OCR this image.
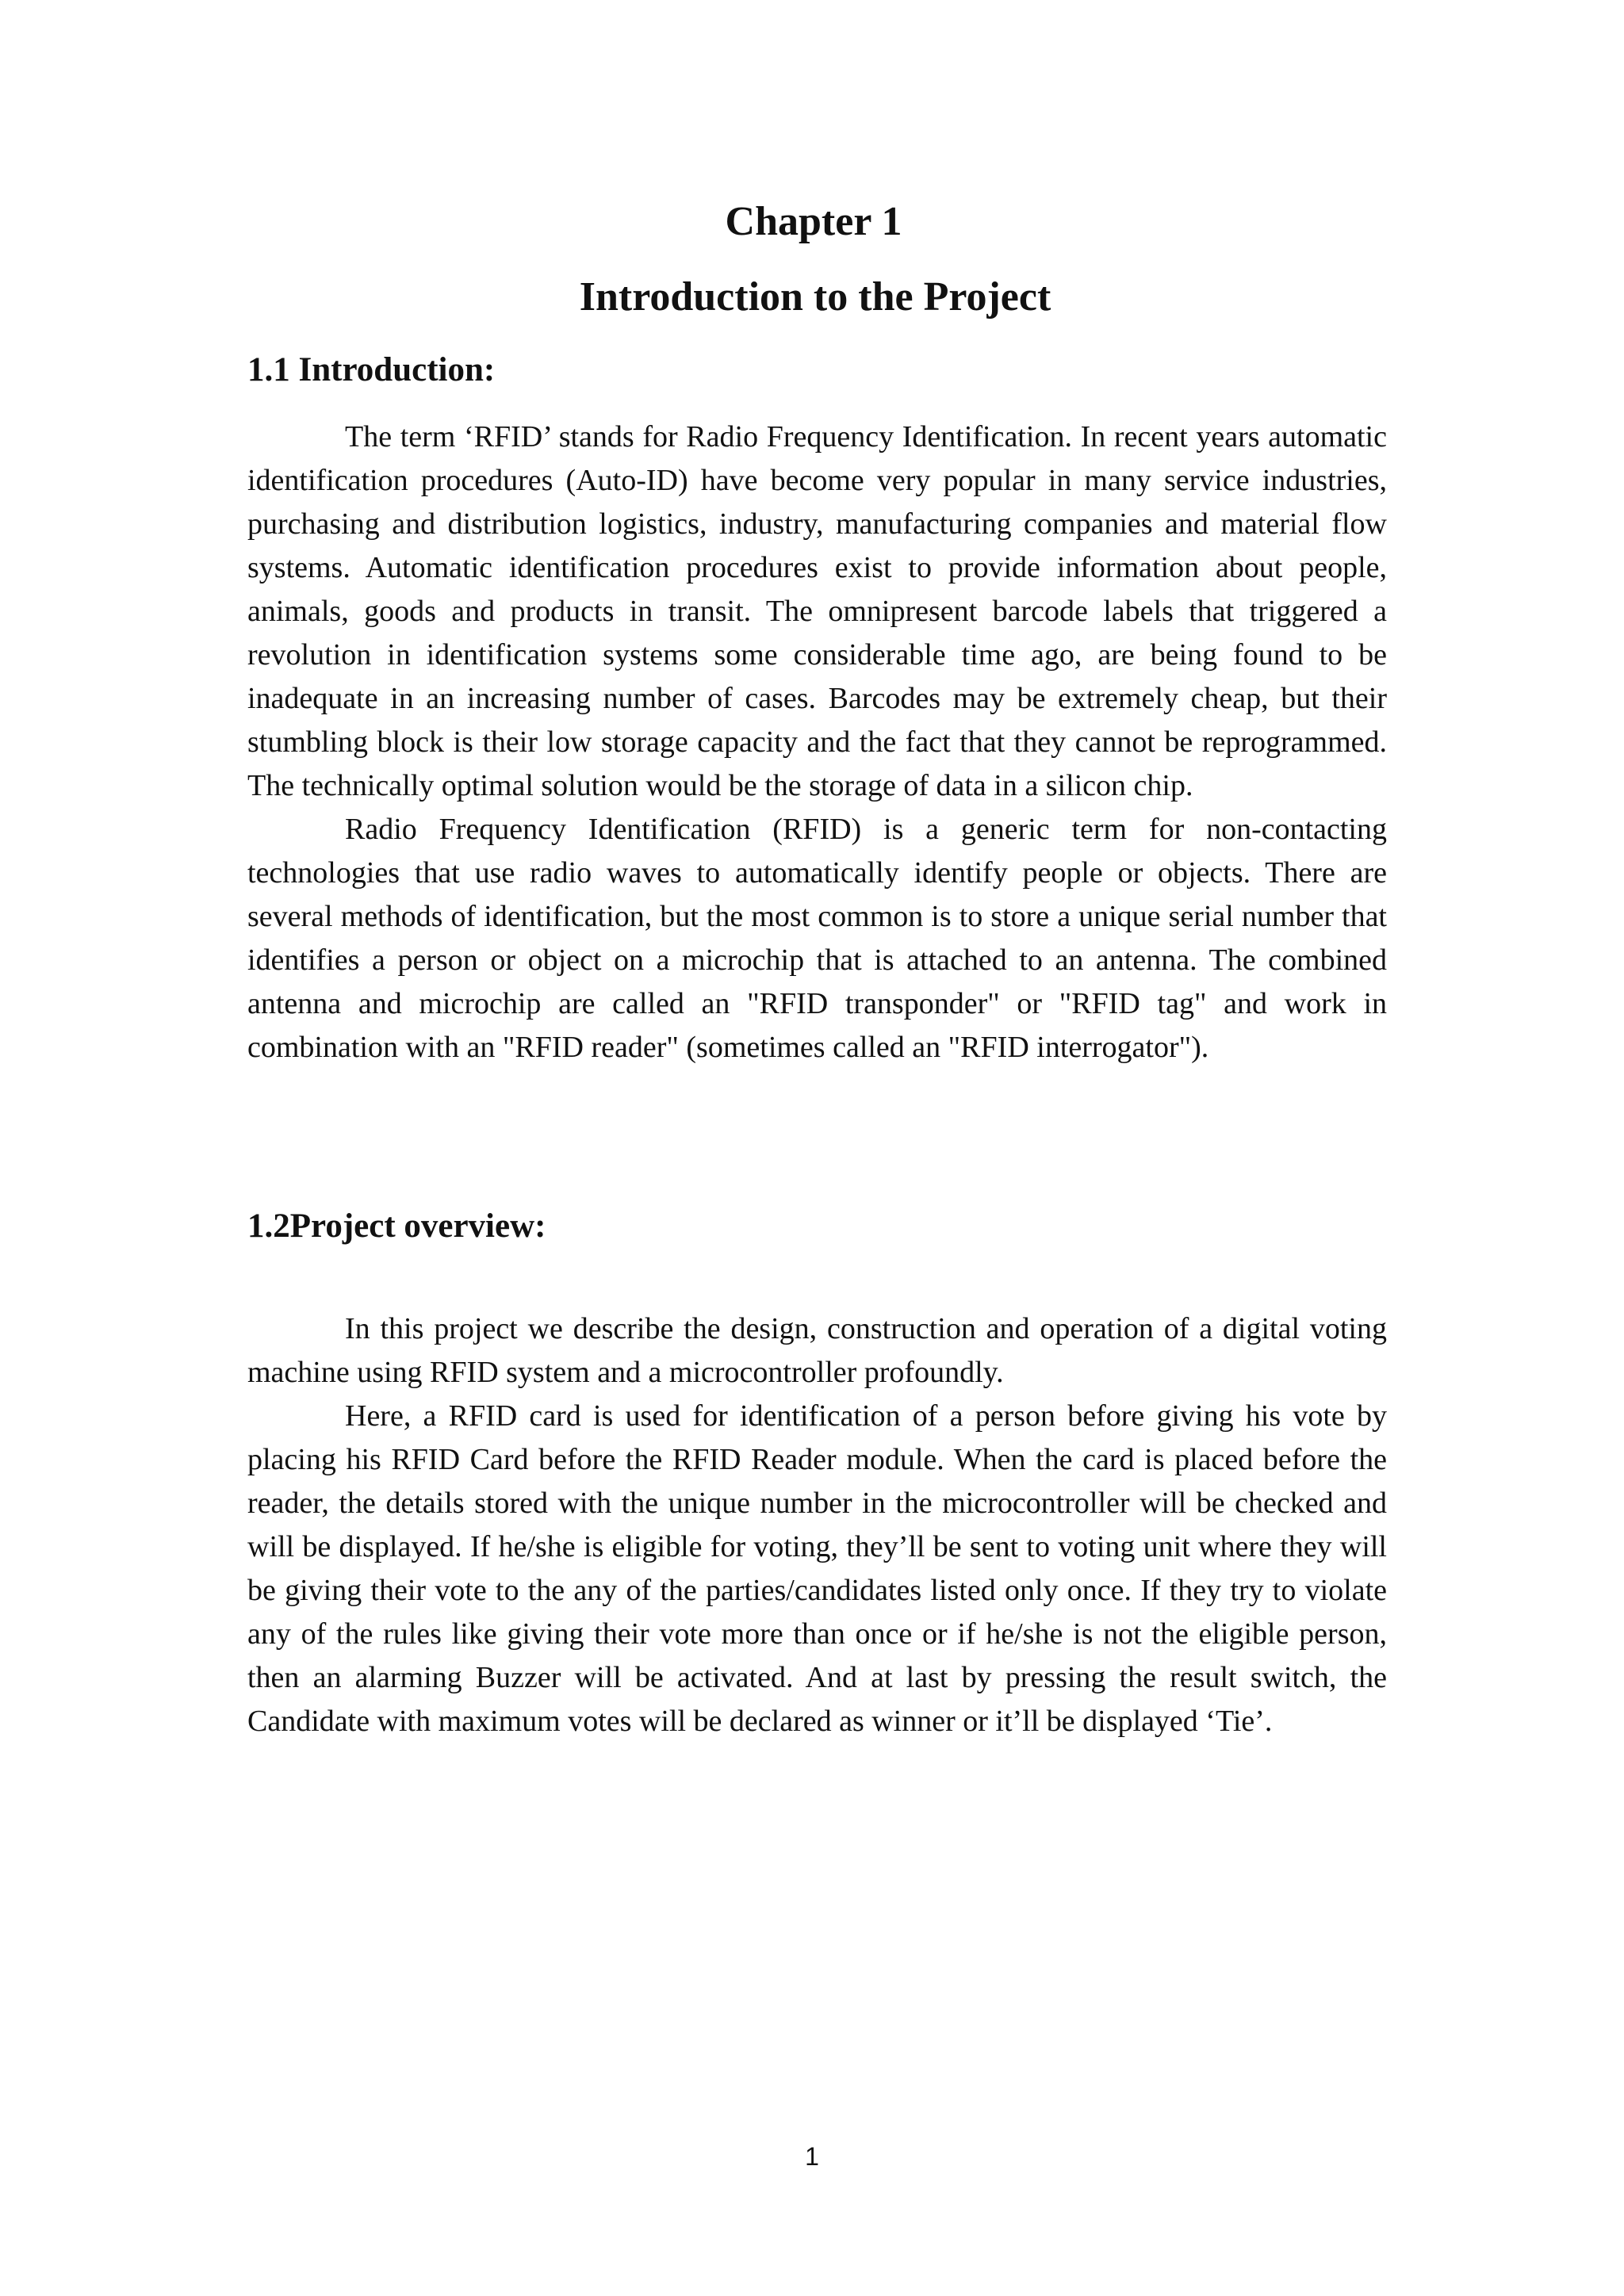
Chapter 1
Introduction to the Project
1.1 Introduction:

The term ‘RFID’ stands for Radio Frequency Identification. In recent years automatic identification procedures (Auto-ID) have become very popular in many service industries, purchasing and distribution logistics, industry, manufacturing companies and material flow systems. Automatic identification procedures exist to provide information about people, animals, goods and products in transit. The omnipresent barcode labels that triggered a revolution in identification systems some considerable time ago, are being found to be inadequate in an increasing number of cases. Barcodes may be extremely cheap, but their stumbling block is their low storage capacity and the fact that they cannot be reprogrammed. The technically optimal solution would be the storage of data in a silicon chip.

Radio Frequency Identification (RFID) is a generic term for non-contacting technologies that use radio waves to automatically identify people or objects. There are several methods of identification, but the most common is to store a unique serial number that identifies a person or object on a microchip that is attached to an antenna. The combined antenna and microchip are called an "RFID transponder" or "RFID tag" and work in combination with an "RFID reader" (sometimes called an "RFID interrogator").

1.2Project overview:

In this project we describe the design, construction and operation of a digital voting machine using RFID system and a microcontroller profoundly.

Here, a RFID card is used for identification of a person before giving his vote by placing his RFID Card before the RFID Reader module. When the card is placed before the reader, the details stored with the unique number in the microcontroller will be checked and will be displayed. If he/she is eligible for voting, they’ll be sent to voting unit where they will be giving their vote to the any of the parties/candidates listed only once. If they try to violate any of the rules like giving their vote more than once or if he/she is not the eligible person, then an alarming Buzzer will be activated. And at last by pressing the result switch, the Candidate with maximum votes will be declared as winner or it’ll be displayed ‘Tie’.

1
